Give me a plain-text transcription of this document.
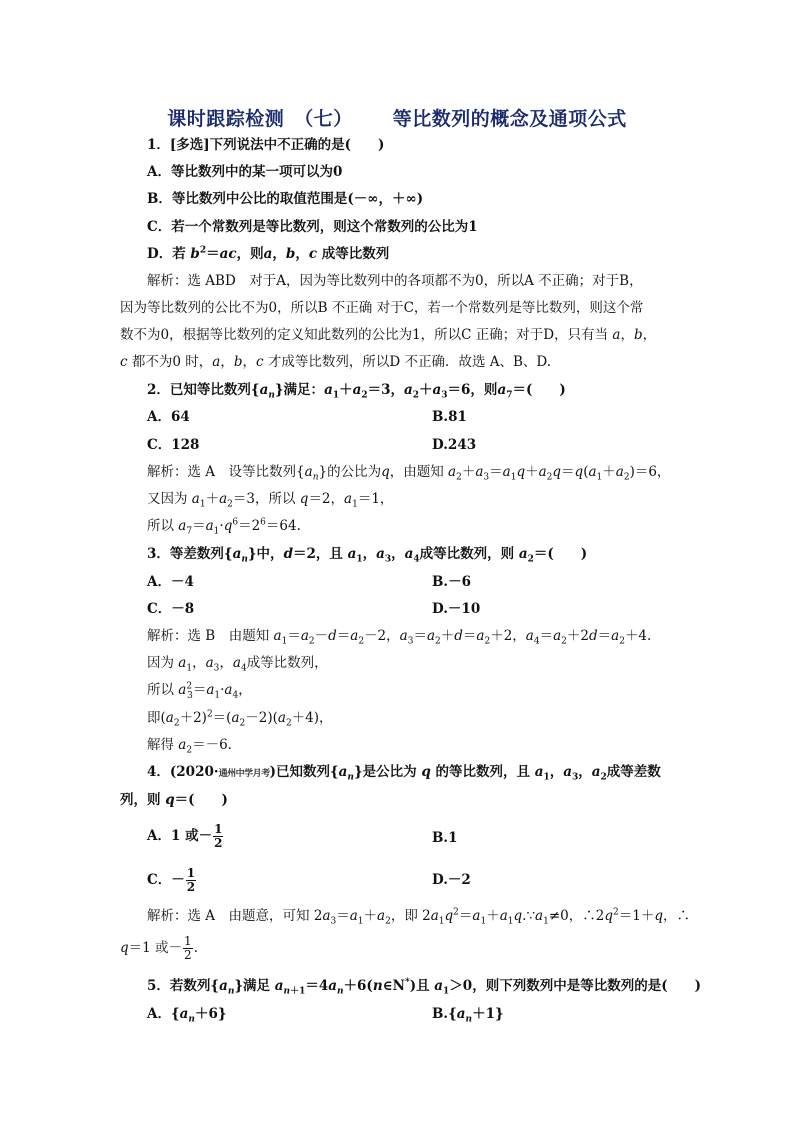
课时跟踪检测　（七） 等比数列的概念及通项公式
1．[多选]下列说法中不正确的是(　　)
A．等比数列中的某一项可以为0
B．等比数列中公比的取值范围是(－∞，＋∞)
C．若一个常数列是等比数列，则这个常数列的公比为1
D．若 $b^2=ac$，则a，b，c 成等比数列
解析：选 ABD　对于A，因为等比数列中的各项都不为0，所以A 不正确；对于B，
因为等比数列的公比不为0，所以B 不正确 对于C，若一个常数列是等比数列，则这个常
数不为0，根据等比数列的定义知此数列的公比为1，所以C 正确；对于D，只有当 a，b，
c 都不为0 时，a，b，c 才成等比数列，所以D 不正确．故选 A、B、D.
2．已知等比数列$\{a_n\}$满足：$a_1+a_2=3$，$a_2+a_3=6$，则$a_7=$(　　)
A．64	B.81
C．128	D.243
解析：选 A　设等比数列$\{a_n\}$的公比为q，由题知 $a_2+a_3=a_1q+a_2q=q(a_1+a_2)=6$，
又因为 $a_1+a_2=3$，所以 q＝2，$a_1=1$，
所以 $a_7=a_1\cdot q^6=2^6=64$.
3．等差数列$\{a_n\}$中，d＝2，且 $a_1$，$a_3$，$a_4$成等比数列，则 $a_2=$(　　)
A．－4	B.－6
C．－8	D.－10
解析：选 B　由题知 $a_1=a_2-d=a_2-2$，$a_3=a_2+d=a_2+2$，$a_4=a_2+2d=a_2+4$.
因为 $a_1$，$a_3$，$a_4$成等比数列，
所以 $a^2_3=a_1\cdot a_4$，
即$(a_2+2)^2=(a_2-2)(a_2+4)$，
解得 $a_2=-6$.
4．(2020·通州中学月考)已知数列$\{a_n\}$是公比为 q 的等比数列，且 $a_1$，$a_3$，$a_2$成等差数
列，则 q＝(　　)
A．1 或－ $\frac{1}{2}$	B.1
C．－ $\frac{1}{2}$	D.－2
解析：选 A　由题意，可知 $2a_3=a_1+a_2$，即 $2a_1q^2=a_1+a_1q.\because a_1\ne 0$，$\therefore 2q^2=1+q$，∴
q＝1 或－ $\frac{1}{2}$ .
5．若数列$\{a_n\}$满足 $a_{n+1}=4a_n+6(n\in N^*)$且 $a_1>0$，则下列数列中是等比数列的是(　　)
A．$\{a_n+6\}$	$B.\{a_n+1\}$
